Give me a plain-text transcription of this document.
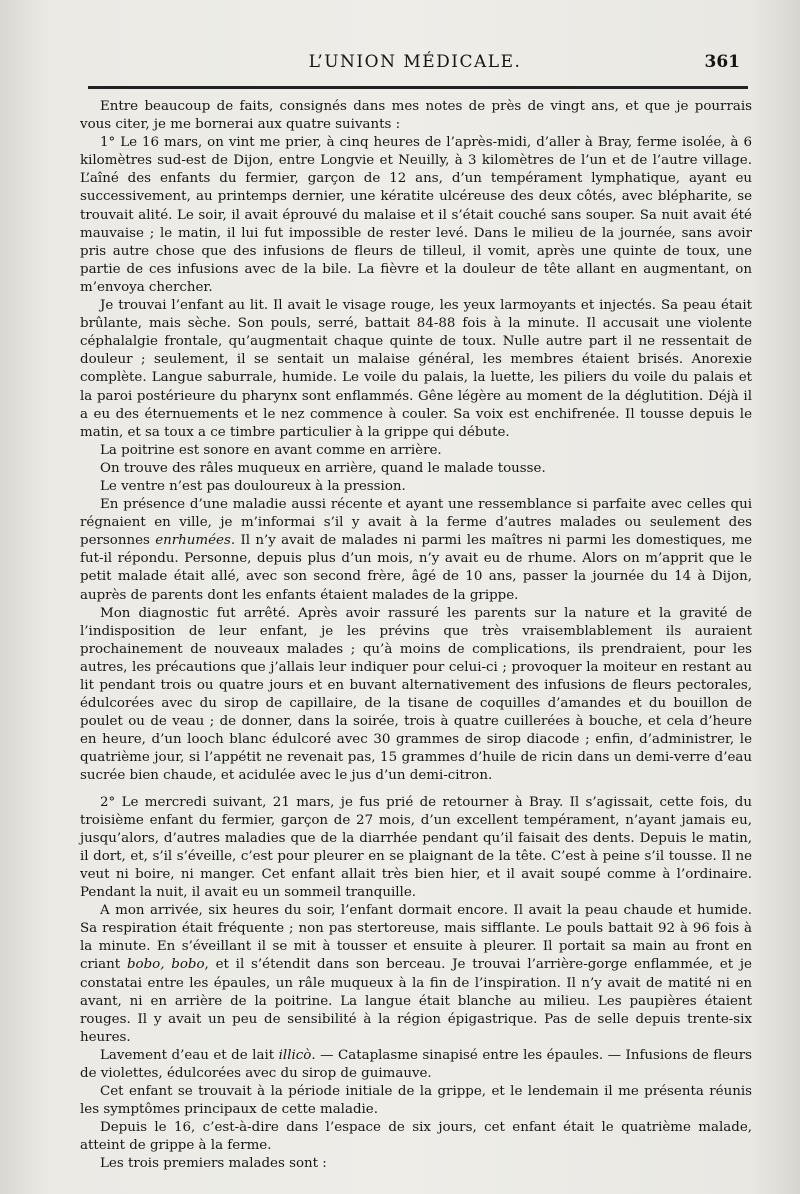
L’UNION MÉDICALE.	361

Entre beaucoup de faits, consignés dans mes notes de près de vingt ans, et que je pourrais vous citer, je me bornerai aux quatre suivants :

1° Le 16 mars, on vint me prier, à cinq heures de l’après-midi, d’aller à Bray, ferme isolée, à 6 kilomètres sud-est de Dijon, entre Longvie et Neuilly, à 3 kilomètres de l’un et de l’autre village. L’aîné des enfants du fermier, garçon de 12 ans, d’un tempérament lymphatique, ayant eu successivement, au printemps dernier, une kératite ulcéreuse des deux côtés, avec blépharite, se trouvait alité. Le soir, il avait éprouvé du malaise et il s’était couché sans souper. Sa nuit avait été mauvaise ; le matin, il lui fut impossible de rester levé. Dans le milieu de la journée, sans avoir pris autre chose que des infusions de fleurs de tilleul, il vomit, après une quinte de toux, une partie de ces infusions avec de la bile. La fièvre et la douleur de tête allant en augmentant, on m’envoya chercher.

Je trouvai l’enfant au lit. Il avait le visage rouge, les yeux larmoyants et injectés. Sa peau était brûlante, mais sèche. Son pouls, serré, battait 84-88 fois à la minute. Il accusait une violente céphalalgie frontale, qu’augmentait chaque quinte de toux. Nulle autre part il ne ressentait de douleur ; seulement, il se sentait un malaise général, les membres étaient brisés. Anorexie complète. Langue saburrale, humide. Le voile du palais, la luette, les piliers du voile du palais et la paroi postérieure du pharynx sont enflammés. Gêne légère au moment de la déglutition. Déjà il a eu des éternuements et le nez commence à couler. Sa voix est enchifrenée. Il tousse depuis le matin, et sa toux a ce timbre particulier à la grippe qui débute.

La poitrine est sonore en avant comme en arrière.

On trouve des râles muqueux en arrière, quand le malade tousse.

Le ventre n’est pas douloureux à la pression.

En présence d’une maladie aussi récente et ayant une ressemblance si parfaite avec celles qui régnaient en ville, je m’informai s’il y avait à la ferme d’autres malades ou seulement des personnes enrhumées. Il n’y avait de malades ni parmi les maîtres ni parmi les domestiques, me fut-il répondu. Personne, depuis plus d’un mois, n’y avait eu de rhume. Alors on m’apprit que le petit malade était allé, avec son second frère, âgé de 10 ans, passer la journée du 14 à Dijon, auprès de parents dont les enfants étaient malades de la grippe.

Mon diagnostic fut arrêté. Après avoir rassuré les parents sur la nature et la gravité de l’indisposition de leur enfant, je les prévins que très vraisemblablement ils auraient prochainement de nouveaux malades ; qu’à moins de complications, ils prendraient, pour les autres, les précautions que j’allais leur indiquer pour celui-ci ; provoquer la moiteur en restant au lit pendant trois ou quatre jours et en buvant alternativement des infusions de fleurs pectorales, édulcorées avec du sirop de capillaire, de la tisane de coquilles d’amandes et du bouillon de poulet ou de veau ; de donner, dans la soirée, trois à quatre cuillerées à bouche, et cela d’heure en heure, d’un looch blanc édulcoré avec 30 grammes de sirop diacode ; enfin, d’administrer, le quatrième jour, si l’appétit ne revenait pas, 15 grammes d’huile de ricin dans un demi-verre d’eau sucrée bien chaude, et acidulée avec le jus d’un demi-citron.

2° Le mercredi suivant, 21 mars, je fus prié de retourner à Bray. Il s’agissait, cette fois, du troisième enfant du fermier, garçon de 27 mois, d’un excellent tempérament, n’ayant jamais eu, jusqu’alors, d’autres maladies que de la diarrhée pendant qu’il faisait des dents. Depuis le matin, il dort, et, s’il s’éveille, c’est pour pleurer en se plaignant de la tête. C’est à peine s’il tousse. Il ne veut ni boire, ni manger. Cet enfant allait très bien hier, et il avait soupé comme à l’ordinaire. Pendant la nuit, il avait eu un sommeil tranquille.

A mon arrivée, six heures du soir, l’enfant dormait encore. Il avait la peau chaude et humide. Sa respiration était fréquente ; non pas stertoreuse, mais sifflante. Le pouls battait 92 à 96 fois à la minute. En s’éveillant il se mit à tousser et ensuite à pleurer. Il portait sa main au front en criant bobo, bobo, et il s’étendit dans son berceau. Je trouvai l’arrière-gorge enflammée, et je constatai entre les épaules, un râle muqueux à la fin de l’inspiration. Il n’y avait de matité ni en avant, ni en arrière de la poitrine. La langue était blanche au milieu. Les paupières étaient rouges. Il y avait un peu de sensibilité à la région épigastrique. Pas de selle depuis trente-six heures.

Lavement d’eau et de lait illicò. — Cataplasme sinapisé entre les épaules. — Infusions de fleurs de violettes, édulcorées avec du sirop de guimauve.

Cet enfant se trouvait à la période initiale de la grippe, et le lendemain il me présenta réunis les symptômes principaux de cette maladie.

Depuis le 16, c’est-à-dire dans l’espace de six jours, cet enfant était le quatrième malade, atteint de grippe à la ferme.

Les trois premiers malades sont :
